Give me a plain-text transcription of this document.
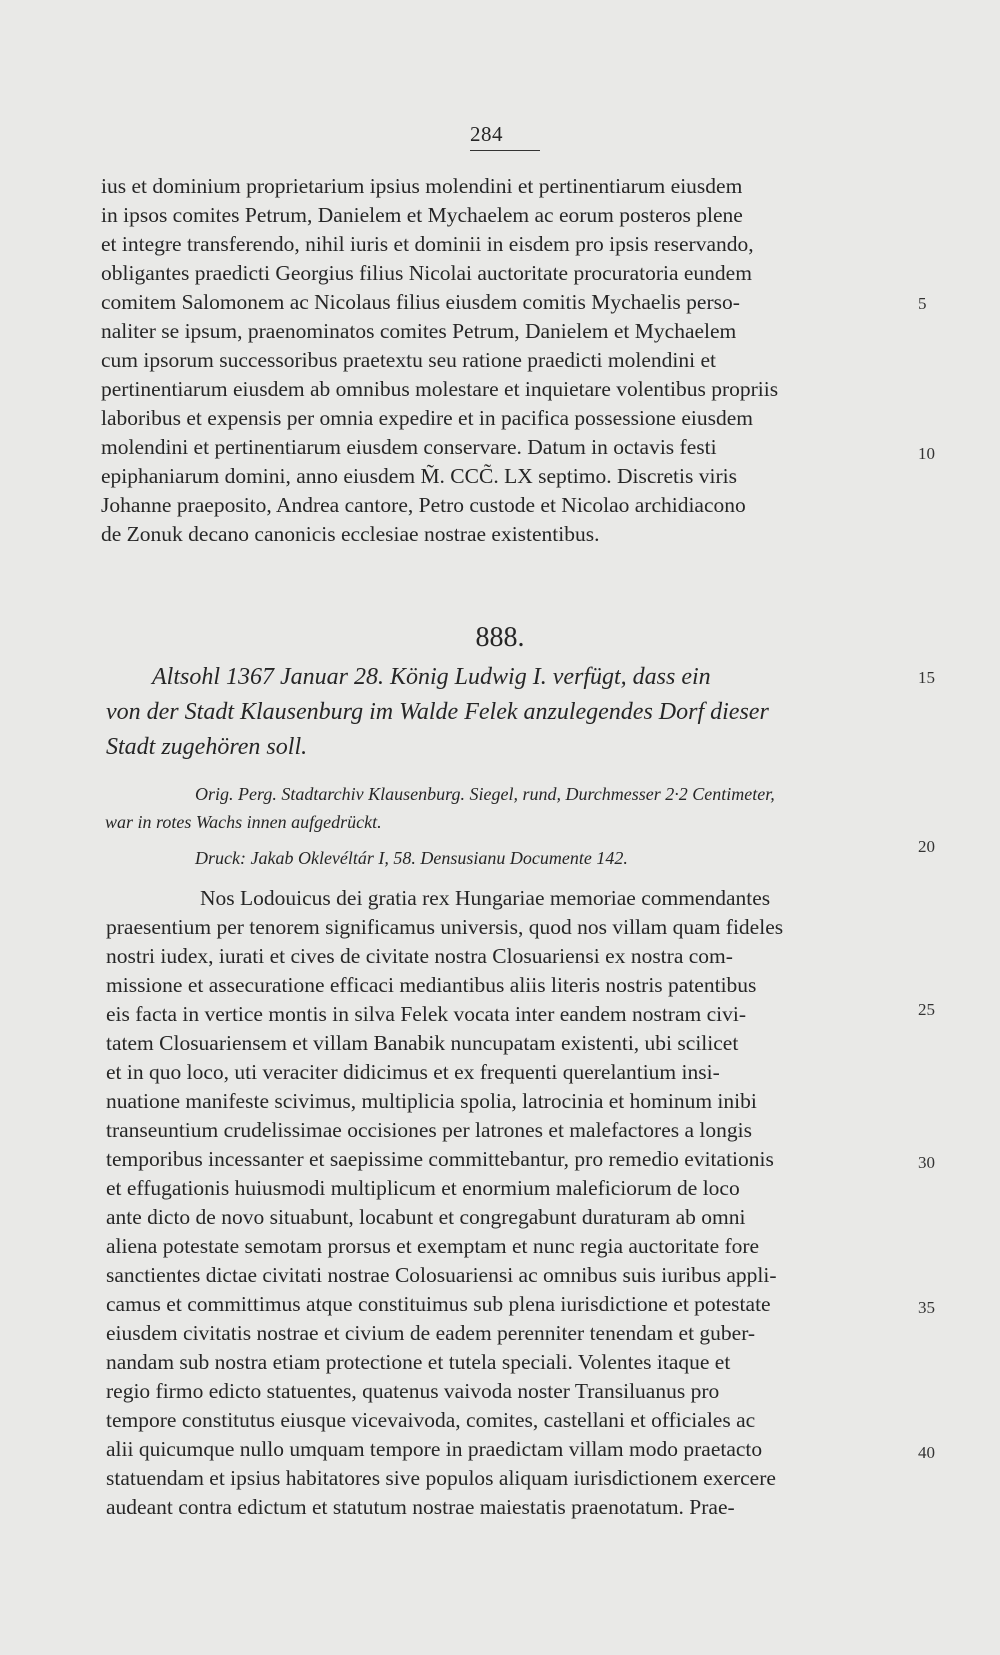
284
ius et dominium proprietarium ipsius molendini et pertinentiarum eiusdem
in ipsos comites Petrum, Danielem et Mychaelem ac eorum posteros plene
et integre transferendo, nihil iuris et dominii in eisdem pro ipsis reservando,
obligantes praedicti Georgius filius Nicolai auctoritate procuratoria eundem
comitem Salomonem ac Nicolaus filius eiusdem comitis Mychaelis perso-
naliter se ipsum, praenominatos comites Petrum, Danielem et Mychaelem
cum ipsorum successoribus praetextu seu ratione praedicti molendini et
pertinentiarum eiusdem ab omnibus molestare et inquietare volentibus propriis
laboribus et expensis per omnia expedire et in pacifica possessione eiusdem
molendini et pertinentiarum eiusdem conservare. Datum in octavis festi
epiphaniarum domini, anno eiusdem M̃. CCC̃. LX septimo. Discretis viris
Johanne praeposito, Andrea cantore, Petro custode et Nicolao archidiacono
de Zonuk decano canonicis ecclesiae nostrae existentibus.
888.
Altsohl 1367 Januar 28. König Ludwig I. verfügt, dass ein
von der Stadt Klausenburg im Walde Felek anzulegendes Dorf dieser
Stadt zugehören soll.
Orig. Perg. Stadtarchiv Klausenburg. Siegel, rund, Durchmesser 2·2 Centimeter,
war in rotes Wachs innen aufgedrückt.
Druck: Jakab Oklevéltár I, 58. Densusianu Documente 142.
Nos Lodouicus dei gratia rex Hungariae memoriae commendantes
praesentium per tenorem significamus universis, quod nos villam quam fideles
nostri iudex, iurati et cives de civitate nostra Closuariensi ex nostra com-
missione et assecuratione efficaci mediantibus aliis literis nostris patentibus
eis facta in vertice montis in silva Felek vocata inter eandem nostram civi-
tatem Closuariensem et villam Banabik nuncupatam existenti, ubi scilicet
et in quo loco, uti veraciter didicimus et ex frequenti querelantium insi-
nuatione manifeste scivimus, multiplicia spolia, latrocinia et hominum inibi
transeuntium crudelissimae occisiones per latrones et malefactores a longis
temporibus incessanter et saepissime committebantur, pro remedio evitationis
et effugationis huiusmodi multiplicum et enormium maleficiorum de loco
ante dicto de novo situabunt, locabunt et congregabunt duraturam ab omni
aliena potestate semotam prorsus et exemptam et nunc regia auctoritate fore
sanctientes dictae civitati nostrae Colosuariensi ac omnibus suis iuribus appli-
camus et committimus atque constituimus sub plena iurisdictione et potestate
eiusdem civitatis nostrae et civium de eadem perenniter tenendam et guber-
nandam sub nostra etiam protectione et tutela speciali. Volentes itaque et
regio firmo edicto statuentes, quatenus vaivoda noster Transiluanus pro
tempore constitutus eiusque vicevaivoda, comites, castellani et officiales ac
alii quicumque nullo umquam tempore in praedictam villam modo praetacto
statuendam et ipsius habitatores sive populos aliquam iurisdictionem exercere
audeant contra edictum et statutum nostrae maiestatis praenotatum. Prae-
5
10
15
20
25
30
35
40
